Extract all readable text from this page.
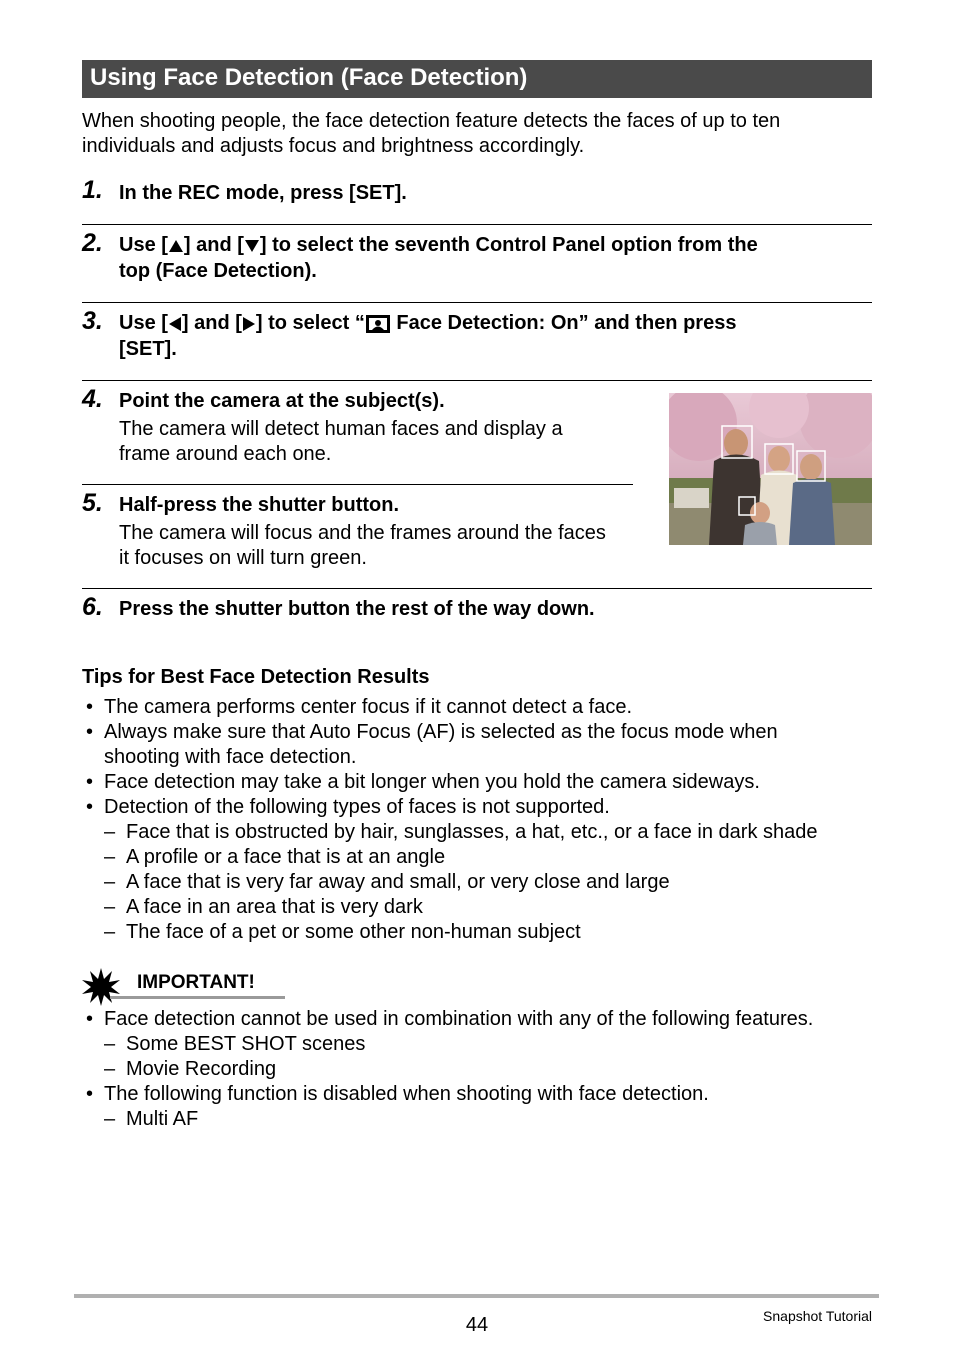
Using Face Detection (Face Detection)
When shooting people, the face detection feature detects the faces of up to ten
individuals and adjusts focus and brightness accordingly.
1. In the REC mode, press [SET].
2. Use [ ] and [ ] to select the seventh Control Panel option from the
top (Face Detection).
3. Use [ ] and [ ] to select “ Face Detection: On” and then press
[SET].
4. Point the camera at the subject(s).
The camera will detect human faces and display a
frame around each one.
5. Half-press the shutter button.
The camera will focus and the frames around the faces
it focuses on will turn green.
6. Press the shutter button the rest of the way down.
Tips for Best Face Detection Results
• The camera performs center focus if it cannot detect a face.
• Always make sure that Auto Focus (AF) is selected as the focus mode when
shooting with face detection.
• Face detection may take a bit longer when you hold the camera sideways.
• Detection of the following types of faces is not supported.
– Face that is obstructed by hair, sunglasses, a hat, etc., or a face in dark shade
– A profile or a face that is at an angle
– A face that is very far away and small, or very close and large
– A face in an area that is very dark
– The face of a pet or some other non-human subject
IMPORTANT!
• Face detection cannot be used in combination with any of the following features.
– Some BEST SHOT scenes
– Movie Recording
• The following function is disabled when shooting with face detection.
– Multi AF
44	Snapshot Tutorial
